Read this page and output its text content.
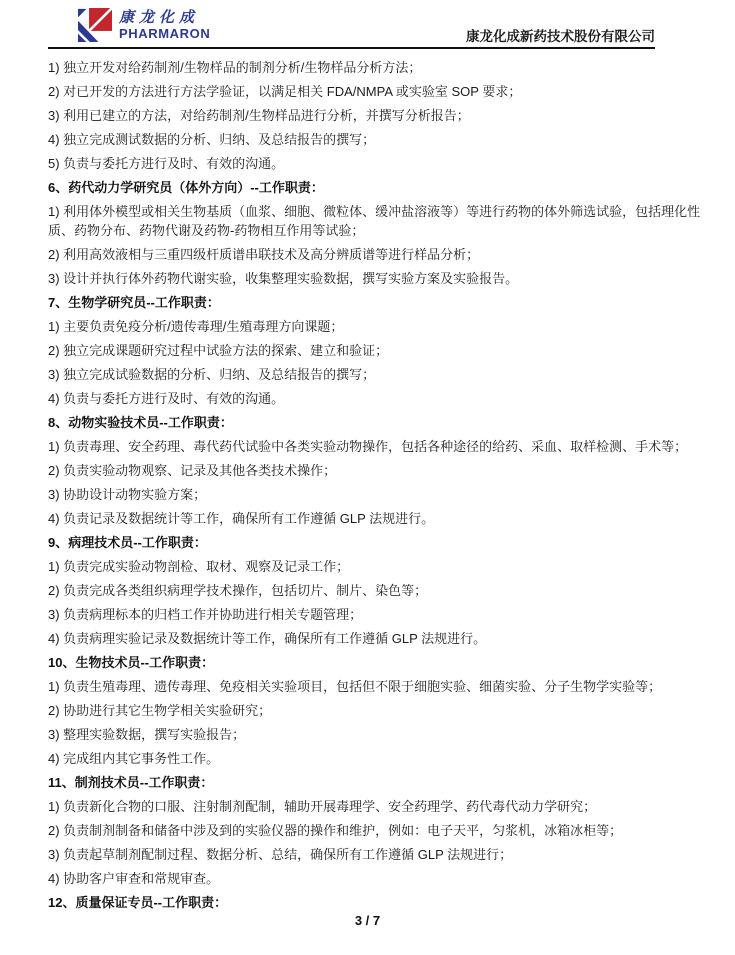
康龙化成
PHARMARON	康龙化成新药技术股份有限公司

1) 独立开发对给药制剂/生物样品的制剂分析/生物样品分析方法；

2) 对已开发的方法进行方法学验证，以满足相关 FDA/NMPA 或实验室 SOP 要求；

3) 利用已建立的方法，对给药制剂/生物样品进行分析，并撰写分析报告；

4) 独立完成测试数据的分析、归纳、及总结报告的撰写；

5) 负责与委托方进行及时、有效的沟通。

6、药代动力学研究员（体外方向）--工作职责：

1) 利用体外模型或相关生物基质（血浆、细胞、微粒体、缓冲盐溶液等）等进行药物的体外筛选试验，包括理化性质、药物分布、药物代谢及药物-药物相互作用等试验；

2) 利用高效液相与三重四级杆质谱串联技术及高分辨质谱等进行样品分析；

3) 设计并执行体外药物代谢实验，收集整理实验数据，撰写实验方案及实验报告。

7、生物学研究员--工作职责：

1) 主要负责免疫分析/遗传毒理/生殖毒理方向课题；

2) 独立完成课题研究过程中试验方法的探索、建立和验证；

3) 独立完成试验数据的分析、归纳、及总结报告的撰写；

4) 负责与委托方进行及时、有效的沟通。

8、动物实验技术员--工作职责：

1) 负责毒理、安全药理、毒代药代试验中各类实验动物操作，包括各种途径的给药、采血、取样检测、手术等；

2) 负责实验动物观察、记录及其他各类技术操作；

3) 协助设计动物实验方案；

4) 负责记录及数据统计等工作，确保所有工作遵循 GLP 法规进行。

9、病理技术员--工作职责：

1) 负责完成实验动物剖检、取材、观察及记录工作；

2) 负责完成各类组织病理学技术操作，包括切片、制片、染色等；

3) 负责病理标本的归档工作并协助进行相关专题管理；

4) 负责病理实验记录及数据统计等工作，确保所有工作遵循 GLP 法规进行。

10、生物技术员--工作职责：

1) 负责生殖毒理、遗传毒理、免疫相关实验项目，包括但不限于细胞实验、细菌实验、分子生物学实验等；

2) 协助进行其它生物学相关实验研究；

3) 整理实验数据，撰写实验报告；

4) 完成组内其它事务性工作。

11、制剂技术员--工作职责：

1) 负责新化合物的口服、注射制剂配制，辅助开展毒理学、安全药理学、药代毒代动力学研究；

2) 负责制剂制备和储备中涉及到的实验仪器的操作和维护，例如：电子天平，匀浆机，冰箱冰柜等；

3) 负责起草制剂配制过程、数据分析、总结，确保所有工作遵循 GLP 法规进行；

4) 协助客户审查和常规审查。

12、质量保证专员--工作职责：

3 / 7
